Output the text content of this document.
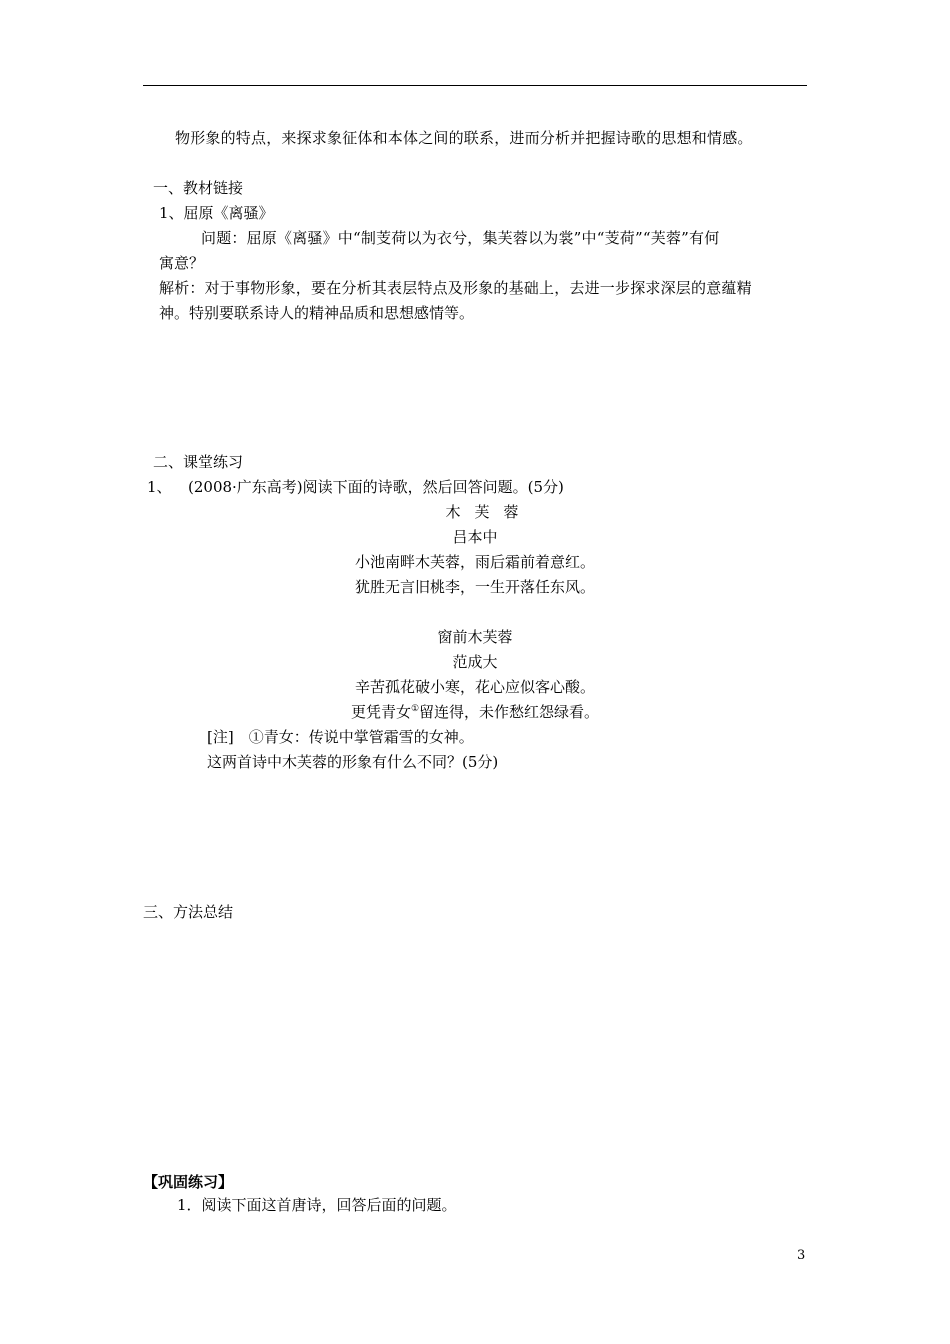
物形象的特点，来探求象征体和本体之间的联系，进而分析并把握诗歌的思想和情感。
一、教材链接
1、屈原《离骚》
问题：屈原《离骚》中“制芰荷以为衣兮，集芙蓉以为裳”中“芰荷”“芙蓉”有何
寓意？
解析：对于事物形象，要在分析其表层特点及形象的基础上，去进一步探求深层的意蕴精
神。特别要联系诗人的精神品质和思想感情等。
二、课堂练习
1、 (2008·广东高考)阅读下面的诗歌，然后回答问题。(5分)
木芙蓉
吕本中
小池南畔木芙蓉，雨后霜前着意红。
犹胜无言旧桃李，一生开落任东风。
窗前木芙蓉
范成大
辛苦孤花破小寒，花心应似客心酸。
更凭青女①留连得，未作愁红怨绿看。
[注]　①青女：传说中掌管霜雪的女神。
这两首诗中木芙蓉的形象有什么不同？(5分)
三、方法总结
【巩固练习】
1．阅读下面这首唐诗，回答后面的问题。
3
